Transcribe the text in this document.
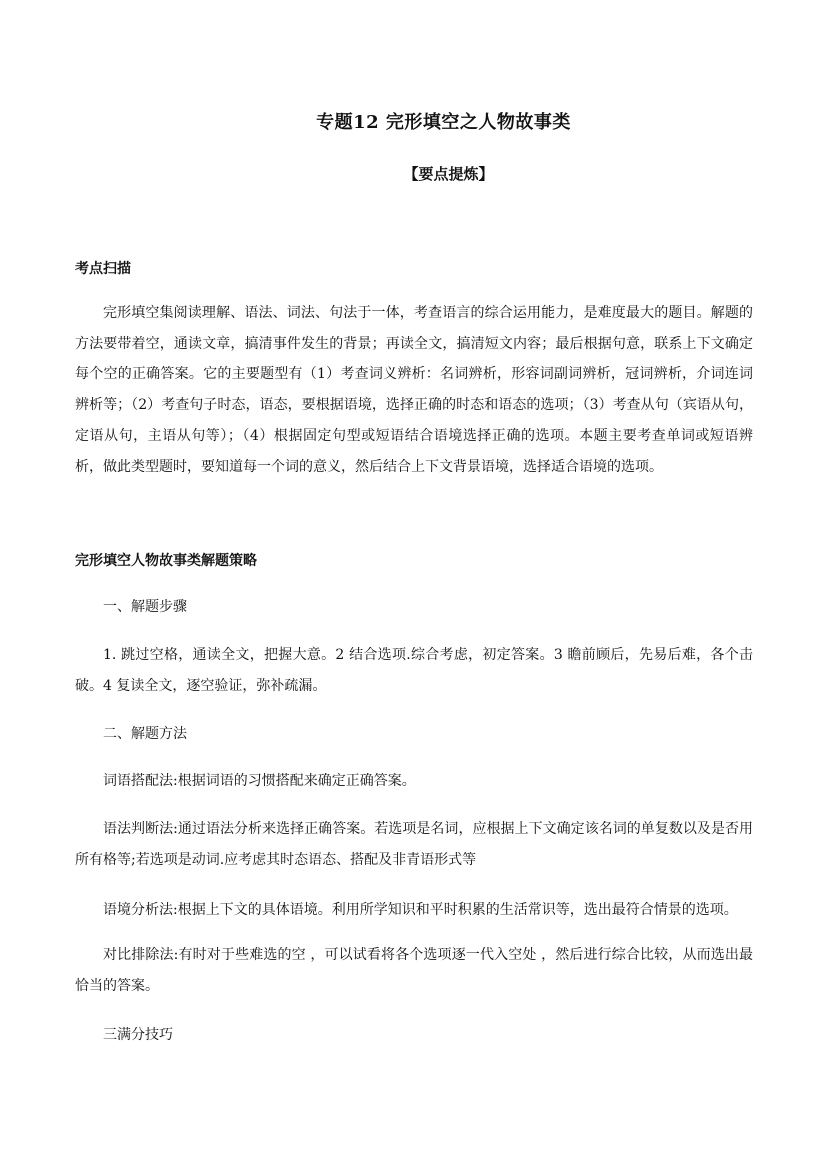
专题12 完形填空之人物故事类
【要点提炼】
考点扫描
完形填空集阅读理解、语法、词法、句法于一体，考查语言的综合运用能力，是难度最大的题目。解题的方法要带着空，通读文章，搞清事件发生的背景；再读全文，搞清短文内容；最后根据句意，联系上下文确定每个空的正确答案。它的主要题型有（1）考查词义辨析：名词辨析，形容词副词辨析，冠词辨析，介词连词辨析等；（2）考查句子时态，语态，要根据语境，选择正确的时态和语态的选项；（3）考查从句（宾语从句，定语从句，主语从句等）；（4）根据固定句型或短语结合语境选择正确的选项。本题主要考查单词或短语辨析，做此类型题时，要知道每一个词的意义，然后结合上下文背景语境，选择适合语境的选项。
完形填空人物故事类解题策略
一、解题步骤
1. 跳过空格，通读全文，把握大意。2 结合选项.综合考虑，初定答案。3 瞻前顾后，先易后难，各个击破。4 复读全文，逐空验证，弥补疏漏。
二、解题方法
词语搭配法:根据词语的习惯搭配来确定正确答案。
语法判断法:通过语法分析来选择正确答案。若选项是名词，应根据上下文确定该名词的单复数以及是否用所有格等;若选项是动词.应考虑其时态语态、搭配及非青语形式等
语境分析法:根据上下文的具体语境。利用所学知识和平时积累的生活常识等，选出最符合情景的选项。
对比排除法:有时对于些难选的空 ，可以试看将各个选项逐一代入空处 ，然后进行综合比较，从而选出最恰当的答案。
三满分技巧
